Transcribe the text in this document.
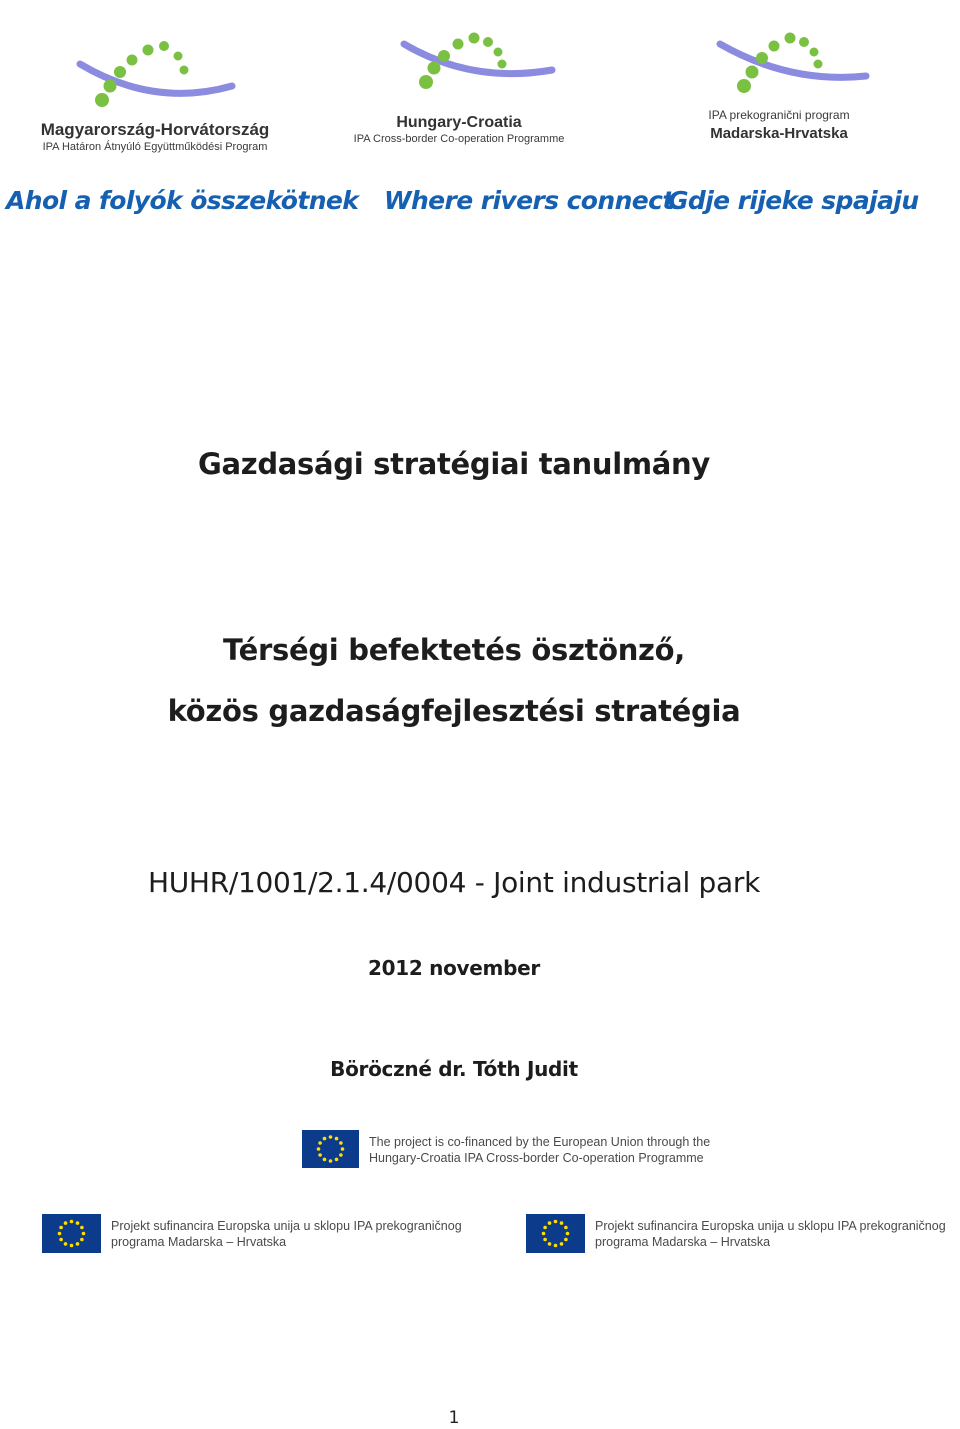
Magyarország-Horvátország
IPA Határon Átnyúló Együttműködési Program
Hungary-Croatia
IPA Cross-border Co-operation Programme
IPA prekogranični program
Madarska-Hrvatska
Ahol a folyók összekötnek Where rivers connect
Gdje rijeke spajaju
Gazdasági stratégiai tanulmány
Térségi befektetés ösztönző,
közös gazdaságfejlesztési stratégia
HUHR/1001/2.1.4/0004 - Joint industrial park
2012 november
Böröczné dr. Tóth Judit
The project is co-financed by the European Union through the
Hungary-Croatia IPA Cross-border Co-operation Programme
Projekt sufinancira Europska unija u sklopu IPA prekograničnog
programa Madarska – Hrvatska
Projekt sufinancira Europska unija u sklopu IPA prekograničnog
programa Madarska – Hrvatska
1
